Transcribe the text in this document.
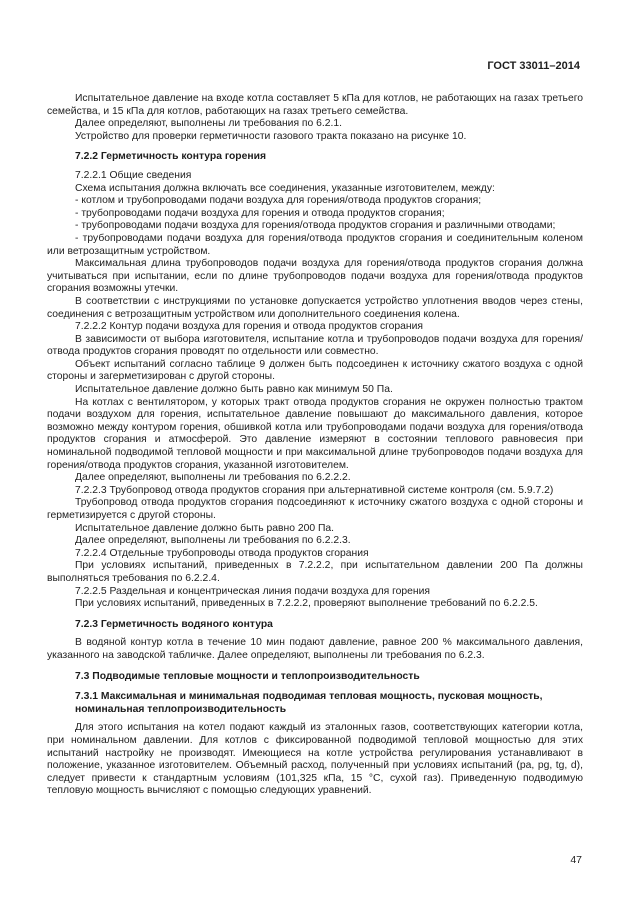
ГОСТ 33011–2014

Испытательное давление на входе котла составляет 5 кПа для котлов, не работающих на газах третьего семейства, и 15 кПа для котлов, работающих на газах третьего семейства.

Далее определяют, выполнены ли требования по 6.2.1.

Устройство для проверки герметичности газового тракта показано на рисунке 10.

7.2.2 Герметичность контура горения

7.2.2.1 Общие сведения

Схема испытания должна включать все соединения, указанные изготовителем, между:

- котлом и трубопроводами подачи воздуха для горения/отвода продуктов сгорания;

- трубопроводами подачи воздуха для горения и отвода продуктов сгорания;

- трубопроводами подачи воздуха для горения/отвода продуктов сгорания и различными отводами;

- трубопроводами подачи воздуха для горения/отвода продуктов сгорания и соединительным коленом или ветрозащитным устройством.

Максимальная длина трубопроводов подачи воздуха для горения/отвода продуктов сгорания должна учитываться при испытании, если по длине трубопроводов подачи воздуха для горения/отвода продуктов сгорания возможны утечки.

В соответствии с инструкциями по установке допускается устройство уплотнения вводов через стены, соединения с ветрозащитным устройством или дополнительного соединения колена.

7.2.2.2 Контур подачи воздуха для горения и отвода продуктов сгорания

В зависимости от выбора изготовителя, испытание котла и трубопроводов подачи воздуха для горения/отвода продуктов сгорания проводят по отдельности или совместно.

Объект испытаний согласно таблице 9 должен быть подсоединен к источнику сжатого воздуха с одной стороны и загерметизирован с другой стороны.

Испытательное давление должно быть равно как минимум 50 Па.

На котлах с вентилятором, у которых тракт отвода продуктов сгорания не окружен полностью трактом подачи воздухом для горения, испытательное давление повышают до максимального давления, которое возможно между контуром горения, обшивкой котла или трубопроводами подачи воздуха для горения/отвода продуктов сгорания и атмосферой. Это давление измеряют в состоянии теплового равновесия при номинальной подводимой тепловой мощности и при максимальной длине трубопроводов подачи воздуха для горения/отвода продуктов сгорания, указанной изготовителем.

Далее определяют, выполнены ли требования по 6.2.2.2.

7.2.2.3 Трубопровод отвода продуктов сгорания при альтернативной системе контроля (см. 5.9.7.2)

Трубопровод отвода продуктов сгорания подсоединяют к источнику сжатого воздуха с одной стороны и герметизируется с другой стороны.

Испытательное давление должно быть равно 200 Па.

Далее определяют, выполнены ли требования по 6.2.2.3.

7.2.2.4 Отдельные трубопроводы отвода продуктов сгорания

При условиях испытаний, приведенных в 7.2.2.2, при испытательном давлении 200 Па должны выполняться требования по 6.2.2.4.

7.2.2.5 Раздельная и концентрическая линия подачи воздуха для горения

При условиях испытаний, приведенных в 7.2.2.2, проверяют выполнение требований по 6.2.2.5.

7.2.3 Герметичность водяного контура

В водяной контур котла в течение 10 мин подают давление, равное 200 % максимального давления, указанного на заводской табличке. Далее определяют, выполнены ли требования по 6.2.3.

7.3 Подводимые тепловые мощности и теплопроизводительность
7.3.1 Максимальная и минимальная подводимая тепловая мощность, пусковая мощность, номинальная теплопроизводительность

Для этого испытания на котел подают каждый из эталонных газов, соответствующих категории котла, при номинальном давлении. Для котлов с фиксированной подводимой тепловой мощностью для этих испытаний настройку не производят. Имеющиеся на котле устройства регулирования устанавливают в положение, указанное изготовителем. Объемный расход, полученный при условиях испытаний (pa, pg, tg, d), следует привести к стандартным условиям (101,325 кПа, 15 °С, сухой газ). Приведенную подводимую тепловую мощность вычисляют с помощью следующих уравнений.

47
